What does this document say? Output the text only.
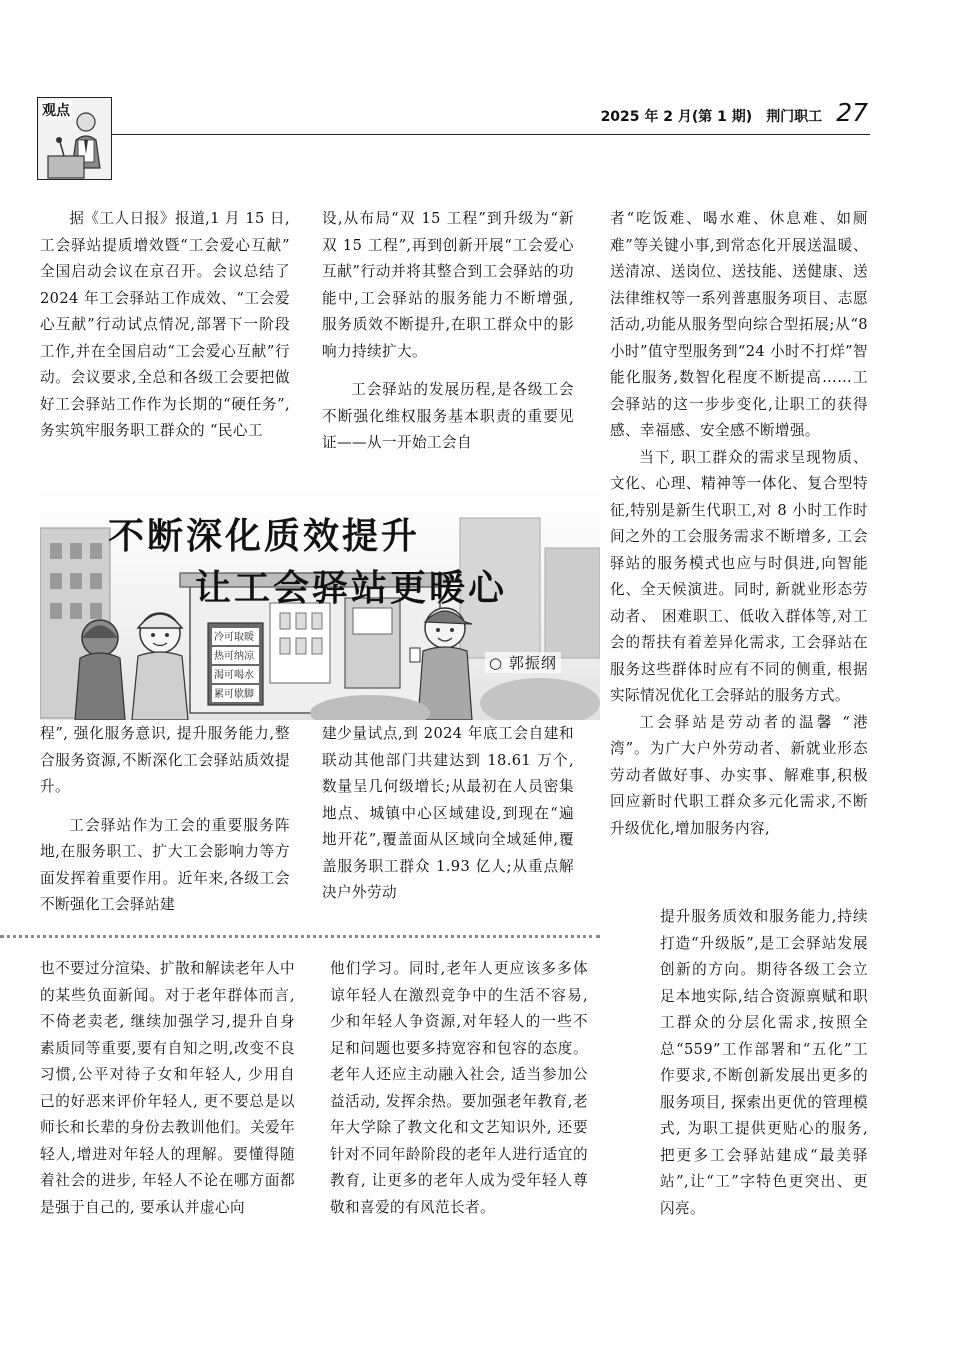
观点	2025 年 2 月(第 1 期) 荆门职工 27

据《工人日报》报道,1 月 15 日,工会驿站提质增效暨“工会爱心互献” 全国启动会议在京召开。会议总结了 2024 年工会驿站工作成效、“工会爱心互献”行动试点情况,部署下一阶段工作,并在全国启动“工会爱心互献”行动。会议要求,全总和各级工会要把做好工会驿站工作作为长期的“硬任务”,务实筑牢服务职工群众的 “民心工

设,从布局“双 15 工程”到升级为“新双 15 工程”,再到创新开展“工会爱心互献”行动并将其整合到工会驿站的功能中,工会驿站的服务能力不断增强, 服务质效不断提升,在职工群众中的影响力持续扩大。

工会驿站的发展历程,是各级工会不断强化维权服务基本职责的重要见证——从一开始工会自

者“吃饭难、喝水难、休息难、如厕难”等关键小事,到常态化开展送温暖、送清凉、送岗位、送技能、送健康、送法律维权等一系列普惠服务项目、志愿活动,功能从服务型向综合型拓展;从“8 小时”值守型服务到“24 小时不打烊”智能化服务,数智化程度不断提高……工会驿站的这一步步变化,让职工的获得感、幸福感、安全感不断增强。

当下, 职工群众的需求呈现物质、文化、心理、精神等一体化、复合型特征,特别是新生代职工,对 8 小时工作时间之外的工会服务需求不断增多, 工会驿站的服务模式也应与时俱进,向智能化、全天候演进。同时, 新就业形态劳动者、 困难职工、低收入群体等,对工会的帮扶有着差异化需求, 工会驿站在服务这些群体时应有不同的侧重, 根据实际情况优化工会驿站的服务方式。

工会驿站是劳动者的温馨 “港湾”。为广大户外劳动者、新就业形态劳动者做好事、办实事、解难事,积极回应新时代职工群众多元化需求,不断升级优化,增加服务内容,

提升服务质效和服务能力,持续打造“升级版”,是工会驿站发展创新的方向。期待各级工会立足本地实际,结合资源禀赋和职工群众的分层化需求,按照全总“559”工作部署和“五化”工作要求,不断创新发展出更多的服务项目, 探索出更优的管理模式, 为职工提供更贴心的服务,把更多工会驿站建成“最美驿站”,让“工”字特色更突出、更闪亮。

冷可取暖
热可纳凉
渴可喝水
累可歇脚
不断深化质效提升
让工会驿站更暖心
○ 郭振纲

程”, 强化服务意识, 提升服务能力,整合服务资源,不断深化工会驿站质效提升。

工会驿站作为工会的重要服务阵地,在服务职工、扩大工会影响力等方面发挥着重要作用。近年来,各级工会不断强化工会驿站建

建少量试点,到 2024 年底工会自建和联动其他部门共建达到 18.61 万个,数量呈几何级增长;从最初在人员密集地点、城镇中心区域建设,到现在“遍地开花”,覆盖面从区域向全域延伸,覆盖服务职工群众 1.93 亿人;从重点解决户外劳动

也不要过分渲染、扩散和解读老年人中的某些负面新闻。对于老年群体而言, 不倚老卖老, 继续加强学习,提升自身素质同等重要,要有自知之明,改变不良习惯,公平对待子女和年轻人, 少用自己的好恶来评价年轻人, 更不要总是以师长和长辈的身份去教训他们。关爱年轻人,增进对年轻人的理解。要懂得随着社会的进步, 年轻人不论在哪方面都是强于自己的, 要承认并虚心向

他们学习。同时,老年人更应该多多体谅年轻人在激烈竞争中的生活不容易,少和年轻人争资源,对年轻人的一些不足和问题也要多持宽容和包容的态度。老年人还应主动融入社会, 适当参加公益活动, 发挥余热。要加强老年教育,老年大学除了教文化和文艺知识外, 还要针对不同年龄阶段的老年人进行适宜的教育, 让更多的老年人成为受年轻人尊敬和喜爱的有风范长者。
